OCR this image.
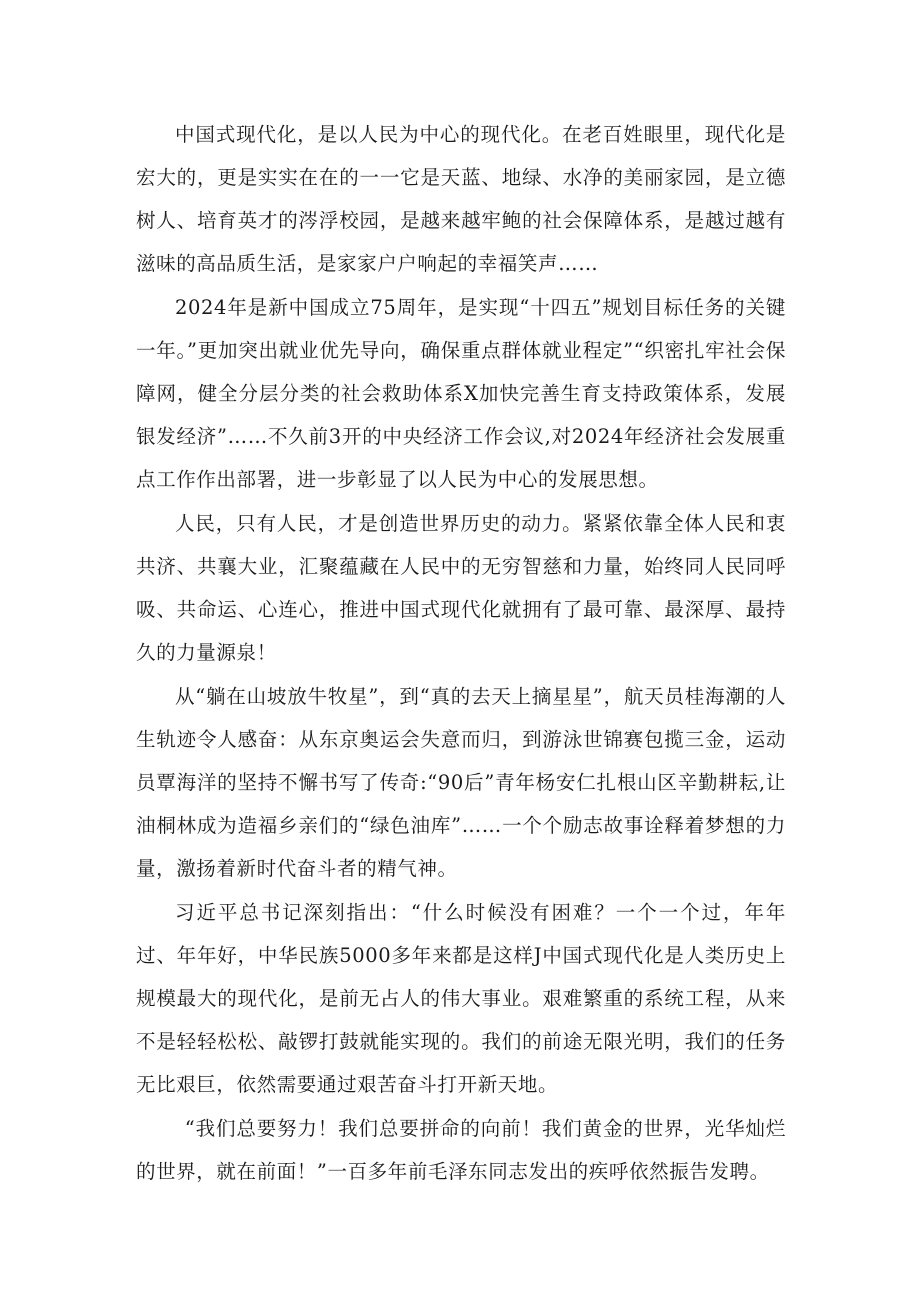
中国式现代化，是以人民为中心的现代化。在老百姓眼里，现代化是宏大的，更是实实在在的一一它是天蓝、地绿、水净的美丽家园，是立德树人、培育英才的涔浮校园，是越来越牢鲍的社会保障体系，是越过越有滋味的高品质生活，是家家户户响起的幸福笑声……

2024年是新中国成立75周年，是实现“十四五”规划目标任务的关键一年。”更加突出就业优先导向，确保重点群体就业程定”“织密扎牢社会保障网，健全分层分类的社会救助体系X加快完善生育支持政策体系，发展银发经济”……不久前3开的中央经济工作会议,对2024年经济社会发展重点工作作出部署，进一步彰显了以人民为中心的发展思想。

人民，只有人民，才是创造世界历史的动力。紧紧依靠全体人民和衷共济、共襄大业，汇聚蕴藏在人民中的无穷智慈和力量，始终同人民同呼吸、共命运、心连心，推进中国式现代化就拥有了最可靠、最深厚、最持久的力量源泉！

从“躺在山坡放牛牧星”，到“真的去天上摘星星”，航天员桂海潮的人生轨迹令人感奋：从东京奥运会失意而归，到游泳世锦赛包揽三金，运动员覃海洋的坚持不懈书写了传奇:“90后”青年杨安仁扎根山区辛勤耕耘,让油桐林成为造福乡亲们的“绿色油库”……一个个励志故事诠释着梦想的力量，激扬着新时代奋斗者的精气神。

习近平总书记深刻指出：“什么时候没有困难？一个一个过，年年过、年年好，中华民族5000多年来都是这样J中国式现代化是人类历史上规模最大的现代化，是前无占人的伟大事业。艰难繁重的系统工程，从来不是轻轻松松、敲锣打鼓就能实现的。我们的前途无限光明，我们的任务无比艰巨，依然需要通过艰苦奋斗打开新天地。

“我们总要努力！我们总要拼命的向前！我们黄金的世界，光华灿烂的世界，就在前面！”一百多年前毛泽东同志发出的疾呼依然振告发聘。
